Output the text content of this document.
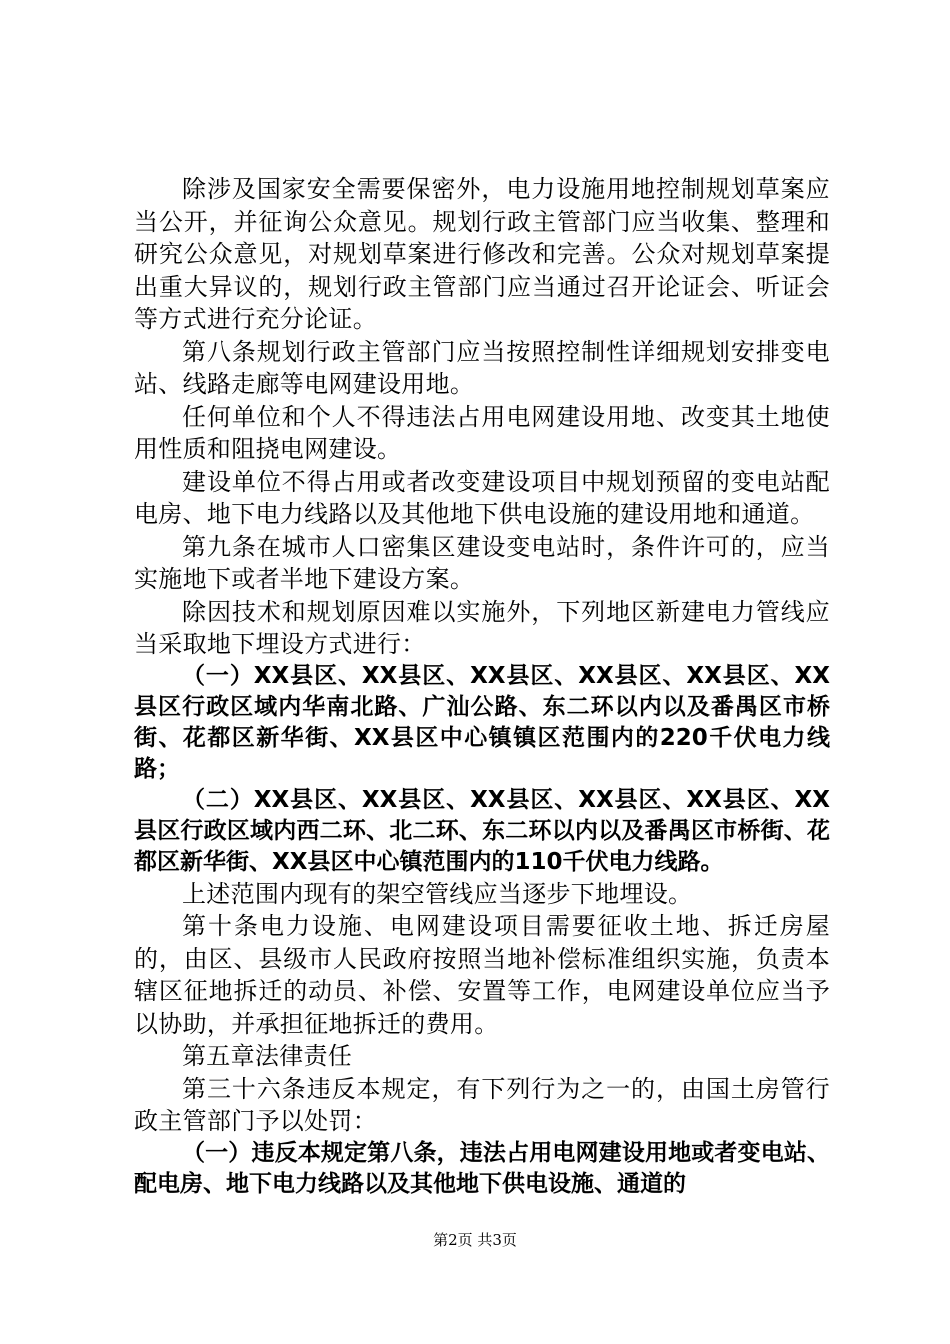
除涉及国家安全需要保密外，电力设施用地控制规划草案应当公开，并征询公众意见。规划行政主管部门应当收集、整理和研究公众意见，对规划草案进行修改和完善。公众对规划草案提出重大异议的，规划行政主管部门应当通过召开论证会、听证会等方式进行充分论证。

第八条规划行政主管部门应当按照控制性详细规划安排变电站、线路走廊等电网建设用地。

任何单位和个人不得违法占用电网建设用地、改变其土地使用性质和阻挠电网建设。

建设单位不得占用或者改变建设项目中规划预留的变电站配电房、地下电力线路以及其他地下供电设施的建设用地和通道。

第九条在城市人口密集区建设变电站时，条件许可的，应当实施地下或者半地下建设方案。

除因技术和规划原因难以实施外，下列地区新建电力管线应当采取地下埋设方式进行：

（一）XX县区、XX县区、XX县区、XX县区、XX县区、XX县区行政区域内华南北路、广汕公路、东二环以内以及番禺区市桥街、花都区新华街、XX县区中心镇镇区范围内的220千伏电力线路；

（二）XX县区、XX县区、XX县区、XX县区、XX县区、XX县区行政区域内西二环、北二环、东二环以内以及番禺区市桥街、花都区新华街、XX县区中心镇范围内的110千伏电力线路。

上述范围内现有的架空管线应当逐步下地埋设。

第十条电力设施、电网建设项目需要征收土地、拆迁房屋的，由区、县级市人民政府按照当地补偿标准组织实施，负责本辖区征地拆迁的动员、补偿、安置等工作，电网建设单位应当予以协助，并承担征地拆迁的费用。

第五章法律责任

第三十六条违反本规定，有下列行为之一的，由国土房管行政主管部门予以处罚：

（一）违反本规定第八条，违法占用电网建设用地或者变电站、配电房、地下电力线路以及其他地下供电设施、通道的

第2页 共3页
